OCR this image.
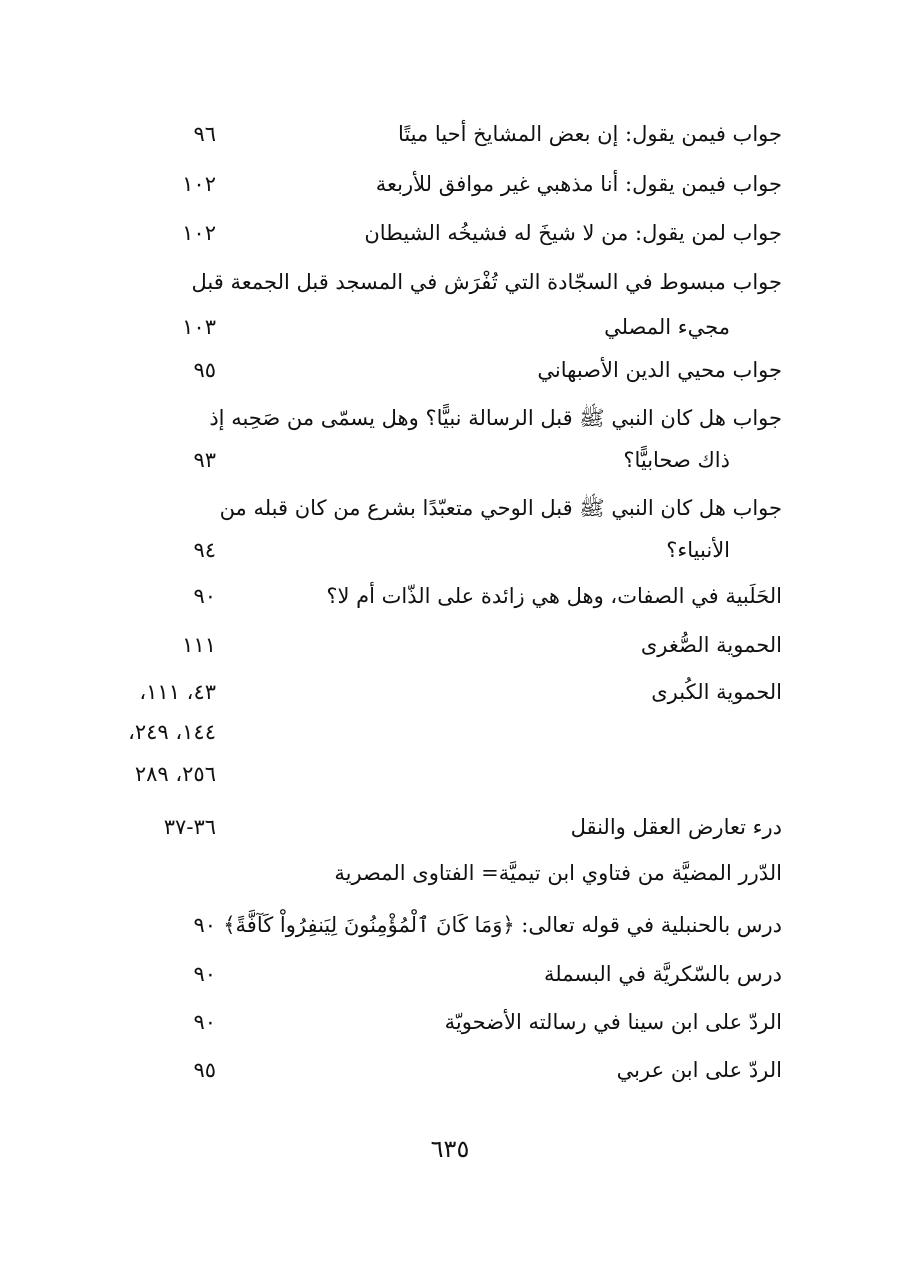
جواب فيمن يقول: إن بعض المشايخ أحيا ميتًا
٩٦
جواب فيمن يقول: أنا مذهبي غير موافق للأربعة
١٠٢
جواب لمن يقول: من لا شيخَ له فشيخُه الشيطان
١٠٢
جواب مبسوط في السجّادة التي تُفْرَش في المسجد قبل الجمعة قبل
مجيء المصلي
١٠٣
جواب محيي الدين الأصبهاني
٩٥
جواب هل كان النبي ﷺ قبل الرسالة نبيًّا؟ وهل يسمّى من صَحِبه إذ
ذاك صحابيًّا؟
٩٣
جواب هل كان النبي ﷺ قبل الوحي متعبّدًا بشرع من كان قبله من
الأنبياء؟
٩٤
الحَلَبية في الصفات، وهل هي زائدة على الذّات أم لا؟
٩٠
الحموية الصُّغرى
١١١
الحموية الكُبرى
٤٣، ١١١،
١٤٤، ٢٤٩،
٢٥٦، ٢٨٩
درء تعارض العقل والنقل
٣٦-٣٧
الدّرر المضيَّة من فتاوي ابن تيميَّة= الفتاوى المصرية
درس بالحنبلية في قوله تعالى: ﴿وَمَا كَانَ ٱلْمُؤْمِنُونَ لِيَنفِرُواْ كَآفَّةً﴾
٩٠
درس بالسّكريَّة في البسملة
٩٠
الردّ على ابن سينا في رسالته الأضحويّة
٩٠
الردّ على ابن عربي
٩٥
٦٣٥
